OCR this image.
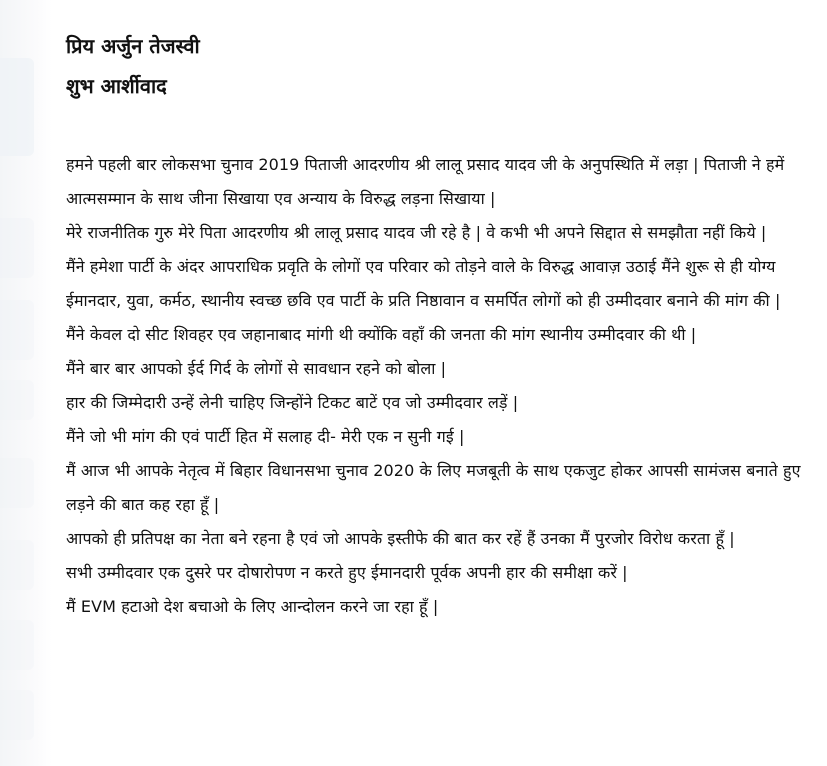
प्रिय अर्जुन तेजस्वी

शुभ आर्शीवाद

हमने पहली बार लोकसभा चुनाव 2019 पिताजी आदरणीय श्री लालू प्रसाद यादव जी के अनुपस्थिति में लड़ा | पिताजी ने हमें आत्मसम्मान के साथ जीना सिखाया एव अन्याय के विरुद्ध लड़ना सिखाया |

मेरे राजनीतिक गुरु मेरे पिता आदरणीय श्री लालू प्रसाद यादव जी रहे है | वे कभी भी अपने सिद्दात से समझौता नहीं किये |

मैंने हमेशा पार्टी के अंदर आपराधिक प्रवृति के लोगों एव परिवार को तोड़ने वाले के विरुद्ध आवाज़ उठाई मैंने शुरू से ही योग्य ईमानदार, युवा, कर्मठ, स्थानीय स्वच्छ छवि एव पार्टी के प्रति निष्ठावान व समर्पित लोगों को ही उम्मीदवार बनाने की मांग की |

मैंने केवल दो सीट शिवहर एव जहानाबाद मांगी थी क्योंकि वहाँ की जनता की मांग स्थानीय उम्मीदवार की थी |

मैंने बार बार आपको ईर्द गिर्द के लोगों से सावधान रहने को बोला |

हार की जिम्मेदारी उन्हें लेनी चाहिए जिन्होंने टिकट बाटें एव जो उम्मीदवार लड़ें |

मैंने जो भी मांग की एवं पार्टी हित में सलाह दी- मेरी एक न सुनी गई |

मैं आज भी आपके नेतृत्व में बिहार विधानसभा चुनाव 2020 के लिए मजबूती के साथ एकजुट होकर आपसी सामंजस बनाते हुए लड़ने की बात कह रहा हूँ |

आपको ही प्रतिपक्ष का नेता बने रहना है एवं जो आपके इस्तीफे की बात कर रहें हैं उनका मैं पुरजोर विरोध करता हूँ |

सभी उम्मीदवार एक दुसरे पर दोषारोपण न करते हुए ईमानदारी पूर्वक अपनी हार की समीक्षा करें |

मैं EVM हटाओ देश बचाओ के लिए आन्दोलन करने जा रहा हूँ |
